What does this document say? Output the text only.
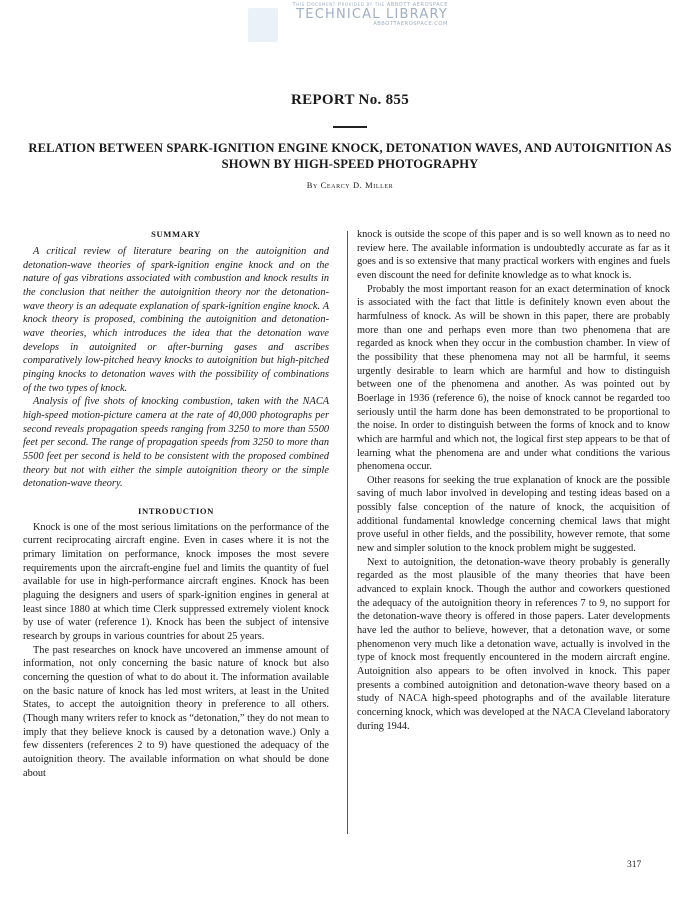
This Document Provided by the ABBOTT AEROSPACE
TECHNICAL LIBRARY
ABBOTTAEROSPACE.COM
REPORT No. 855
RELATION BETWEEN SPARK-IGNITION ENGINE KNOCK, DETONATION WAVES, AND AUTOIGNITION AS SHOWN BY HIGH-SPEED PHOTOGRAPHY
By Cearcy D. Miller
SUMMARY

A critical review of literature bearing on the autoignition and detonation-wave theories of spark-ignition engine knock and on the nature of gas vibrations associated with combustion and knock results in the conclusion that neither the autoignition theory nor the detonation-wave theory is an adequate explanation of spark-ignition engine knock. A knock theory is proposed, combining the autoignition and detonation-wave theories, which introduces the idea that the detonation wave develops in autoignited or after-burning gases and ascribes comparatively low-pitched heavy knocks to autoignition but high-pitched pinging knocks to detonation waves with the possibility of combinations of the two types of knock.

Analysis of five shots of knocking combustion, taken with the NACA high-speed motion-picture camera at the rate of 40,000 photographs per second reveals propagation speeds ranging from 3250 to more than 5500 feet per second. The range of propagation speeds from 3250 to more than 5500 feet per second is held to be consistent with the proposed combined theory but not with either the simple autoignition theory or the simple detonation-wave theory.

INTRODUCTION

Knock is one of the most serious limitations on the performance of the current reciprocating aircraft engine. Even in cases where it is not the primary limitation on performance, knock imposes the most severe requirements upon the aircraft-engine fuel and limits the quantity of fuel available for use in high-performance aircraft engines. Knock has been plaguing the designers and users of spark-ignition engines in general at least since 1880 at which time Clerk suppressed extremely violent knock by use of water (reference 1). Knock has been the subject of intensive research by groups in various countries for about 25 years.

The past researches on knock have uncovered an immense amount of information, not only concerning the basic nature of knock but also concerning the question of what to do about it. The information available on the basic nature of knock has led most writers, at least in the United States, to accept the autoignition theory in preference to all others. (Though many writers refer to knock as “detonation,” they do not mean to imply that they believe knock is caused by a detonation wave.) Only a few dissenters (references 2 to 9) have questioned the adequacy of the autoignition theory. The available information on what should be done about

knock is outside the scope of this paper and is so well known as to need no review here. The available information is undoubtedly accurate as far as it goes and is so extensive that many practical workers with engines and fuels even discount the need for definite knowledge as to what knock is.

Probably the most important reason for an exact determination of knock is associated with the fact that little is definitely known even about the harmfulness of knock. As will be shown in this paper, there are probably more than one and perhaps even more than two phenomena that are regarded as knock when they occur in the combustion chamber. In view of the possibility that these phenomena may not all be harmful, it seems urgently desirable to learn which are harmful and how to distinguish between one of the phenomena and another. As was pointed out by Boerlage in 1936 (reference 6), the noise of knock cannot be regarded too seriously until the harm done has been demonstrated to be proportional to the noise. In order to distinguish between the forms of knock and to know which are harmful and which not, the logical first step appears to be that of learning what the phenomena are and under what conditions the various phenomena occur.

Other reasons for seeking the true explanation of knock are the possible saving of much labor involved in developing and testing ideas based on a possibly false conception of the nature of knock, the acquisition of additional fundamental knowledge concerning chemical laws that might prove useful in other fields, and the possibility, however remote, that some new and simpler solution to the knock problem might be suggested.

Next to autoignition, the detonation-wave theory probably is generally regarded as the most plausible of the many theories that have been advanced to explain knock. Though the author and coworkers questioned the adequacy of the autoignition theory in references 7 to 9, no support for the detonation-wave theory is offered in those papers. Later developments have led the author to believe, however, that a detonation wave, or some phenomenon very much like a detonation wave, actually is involved in the type of knock most frequently encountered in the modern aircraft engine. Autoignition also appears to be often involved in knock. This paper presents a combined autoignition and detonation-wave theory based on a study of NACA high-speed photographs and of the available literature concerning knock, which was developed at the NACA Cleveland laboratory during 1944.

317
